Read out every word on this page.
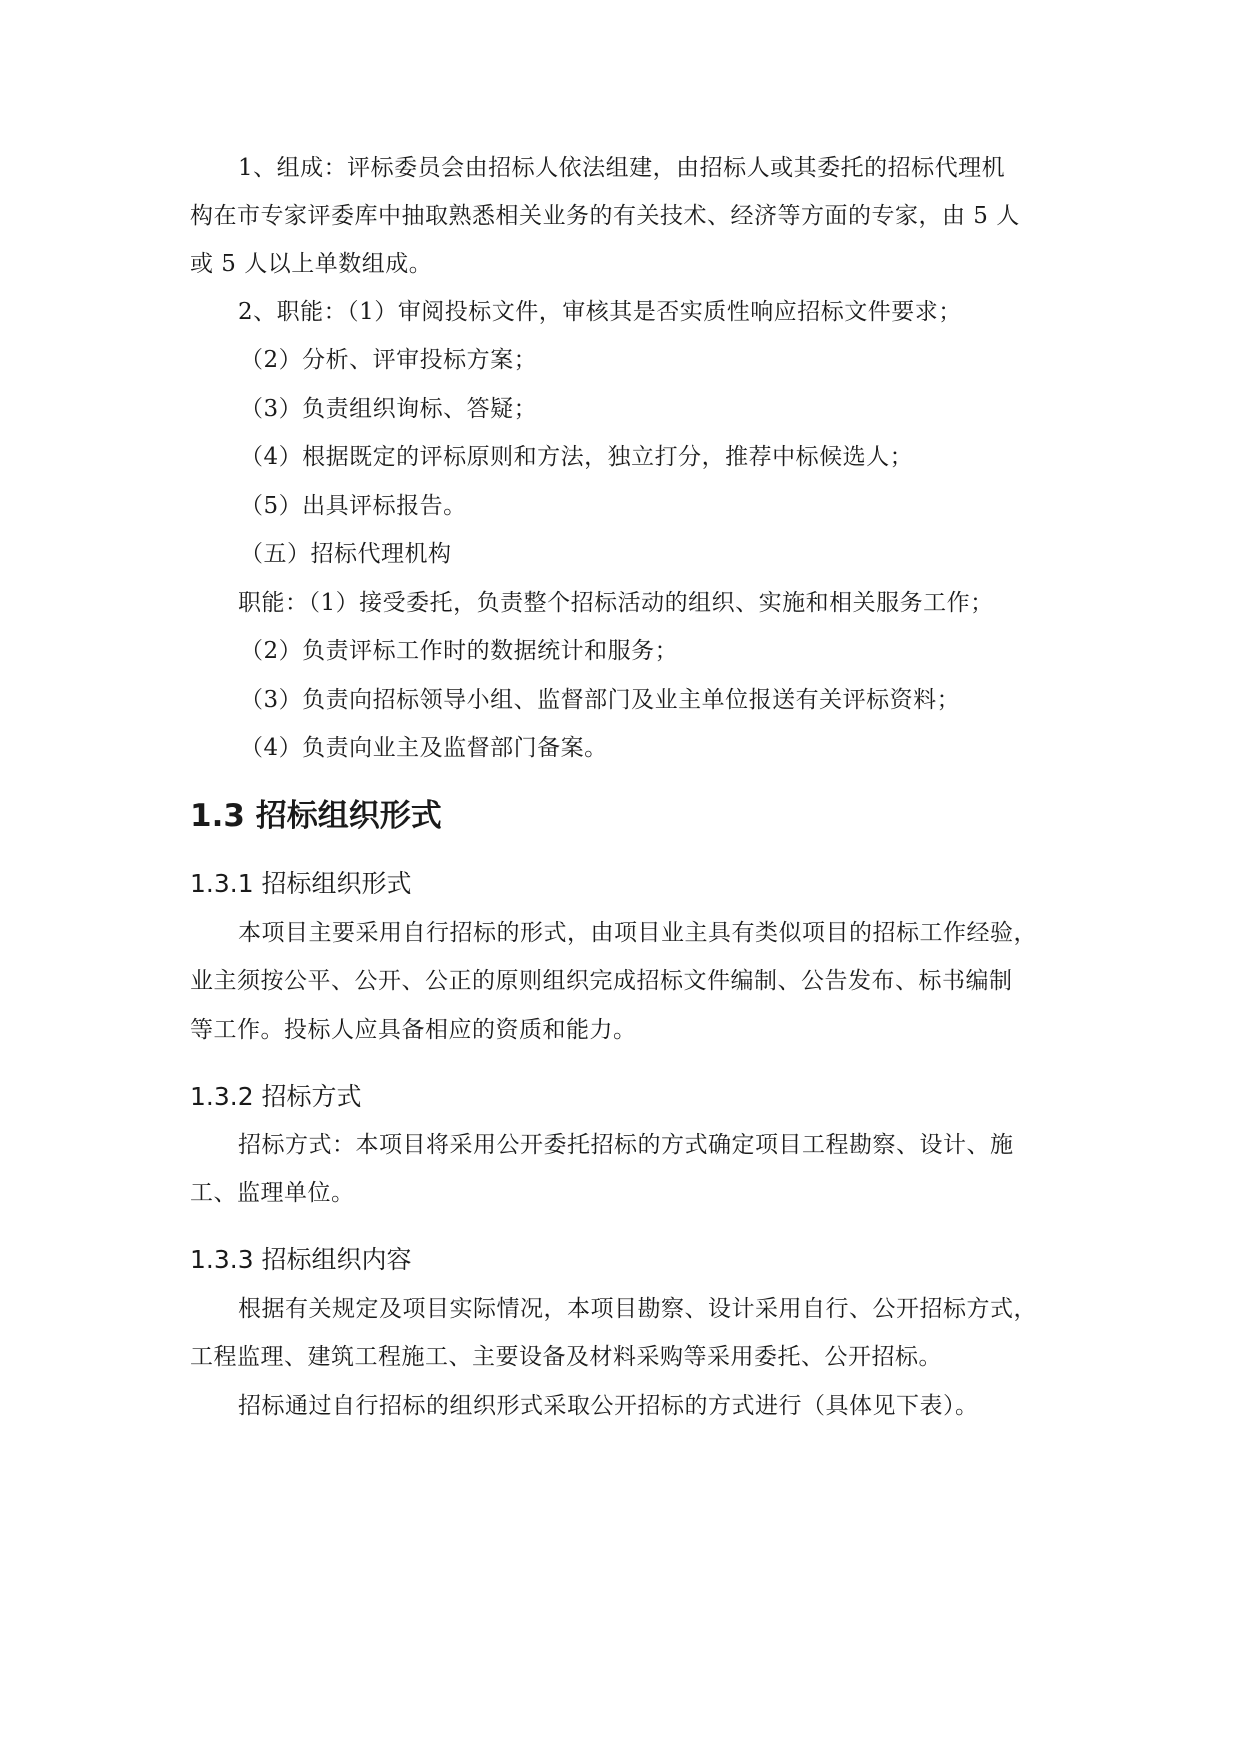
1、组成：评标委员会由招标人依法组建，由招标人或其委托的招标代理机
构在市专家评委库中抽取熟悉相关业务的有关技术、经济等方面的专家，由 5 人
或 5 人以上单数组成。
2、职能：（1）审阅投标文件，审核其是否实质性响应招标文件要求；
（2）分析、评审投标方案；
（3）负责组织询标、答疑；
（4）根据既定的评标原则和方法，独立打分，推荐中标候选人；
（5）出具评标报告。
（五）招标代理机构
职能：（1）接受委托，负责整个招标活动的组织、实施和相关服务工作；
（2）负责评标工作时的数据统计和服务；
（3）负责向招标领导小组、监督部门及业主单位报送有关评标资料；
（4）负责向业主及监督部门备案。
1.3 招标组织形式
1.3.1 招标组织形式
本项目主要采用自行招标的形式，由项目业主具有类似项目的招标工作经验，
业主须按公平、公开、公正的原则组织完成招标文件编制、公告发布、标书编制
等工作。投标人应具备相应的资质和能力。
1.3.2 招标方式
招标方式：本项目将采用公开委托招标的方式确定项目工程勘察、设计、施
工、监理单位。
1.3.3 招标组织内容
根据有关规定及项目实际情况，本项目勘察、设计采用自行、公开招标方式，
工程监理、建筑工程施工、主要设备及材料采购等采用委托、公开招标。
招标通过自行招标的组织形式采取公开招标的方式进行（具体见下表）。
